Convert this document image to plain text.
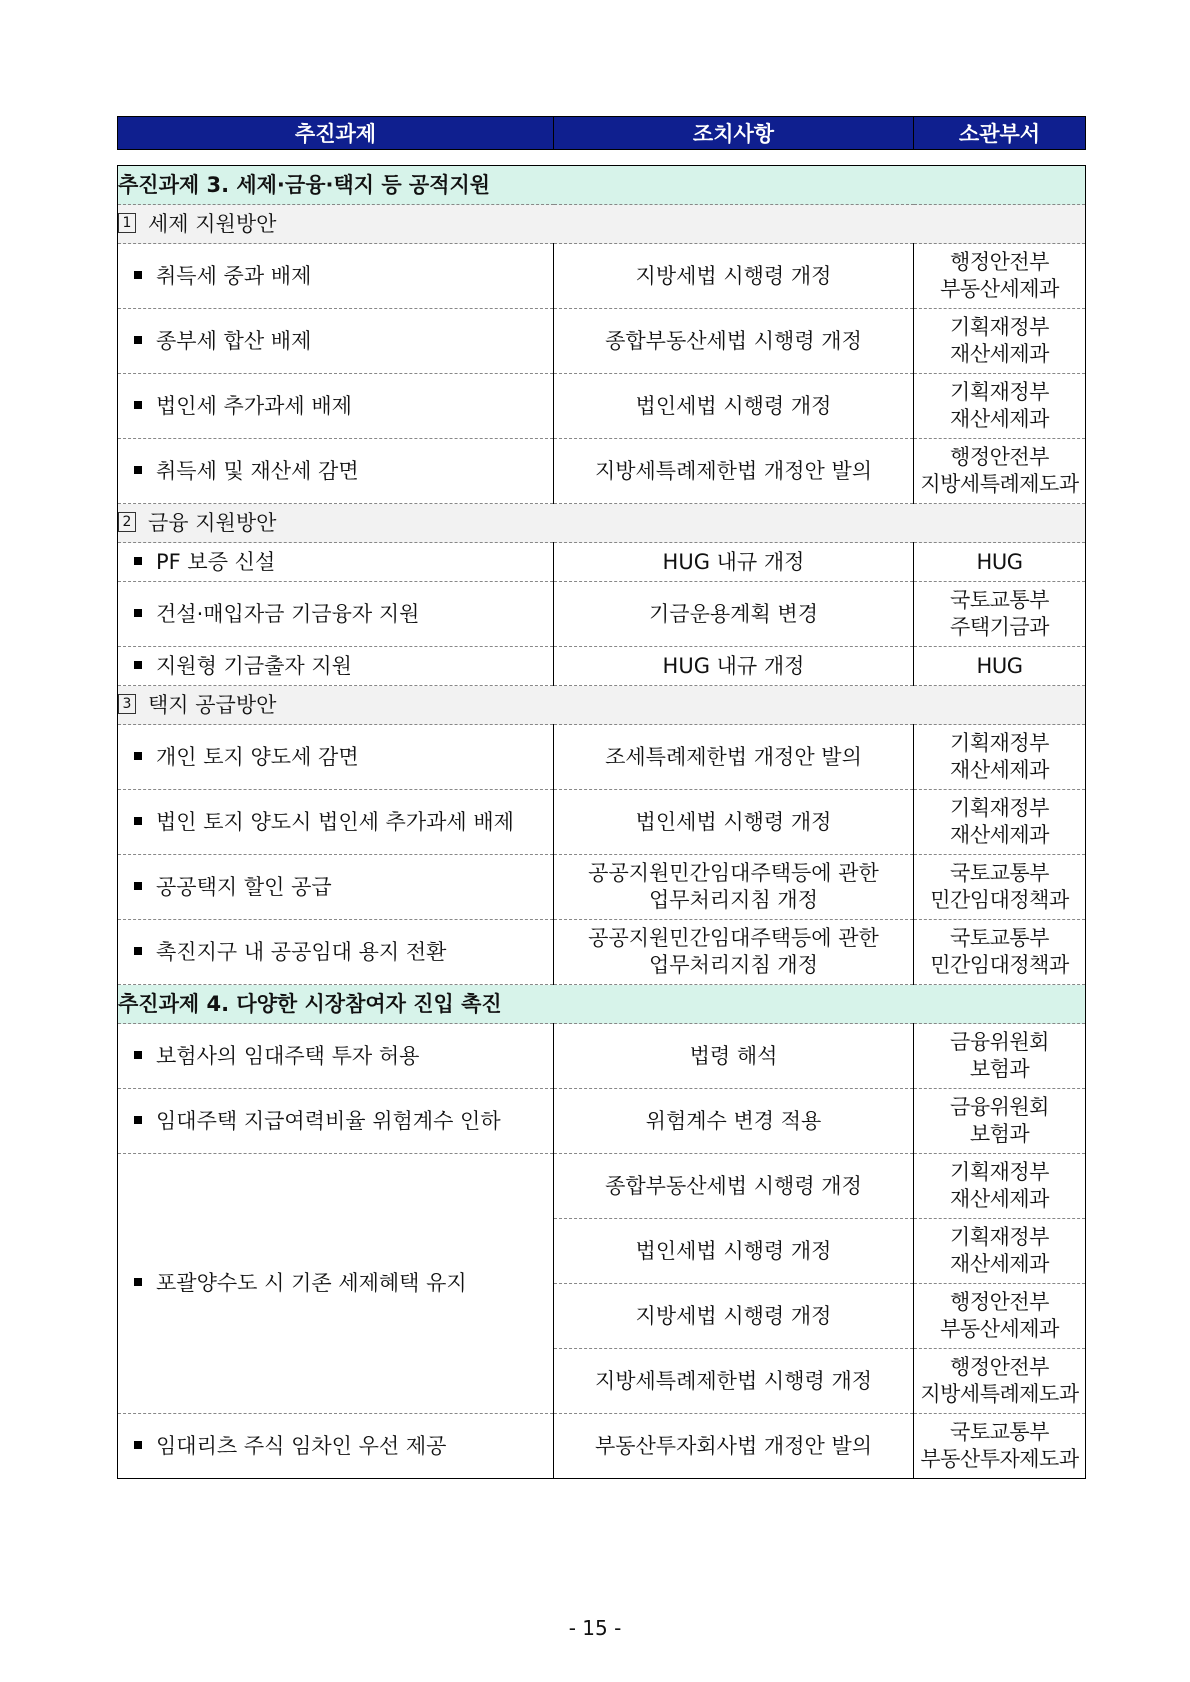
추진과제	조치사항	소관부서
추진과제 3. 세제·금융·택지 등 공적지원		
1 세제 지원방안		
취득세 중과 배제	지방세법 시행령 개정	행정안전부
부동산세제과

종부세 합산 배제	종합부동산세법 시행령 개정	기획재정부
재산세제과

법인세 추가과세 배제	법인세법 시행령 개정	기획재정부
재산세제과

취득세 및 재산세 감면	지방세특례제한법 개정안 발의	행정안전부
지방세특례제도과

2 금융 지원방안		
PF 보증 신설	HUG 내규 개정	HUG
건설·매입자금 기금융자 지원	기금운용계획 변경	국토교통부
주택기금과

지원형 기금출자 지원	HUG 내규 개정	HUG
3 택지 공급방안		
개인 토지 양도세 감면	조세특례제한법 개정안 발의	기획재정부
재산세제과

법인 토지 양도시 법인세 추가과세 배제	법인세법 시행령 개정	기획재정부
재산세제과

공공택지 할인 공급	공공지원민간임대주택등에 관한
업무처리지침 개정	국토교통부
민간임대정책과

촉진지구 내 공공임대 용지 전환	공공지원민간임대주택등에 관한
업무처리지침 개정	국토교통부
민간임대정책과

추진과제 4. 다양한 시장참여자 진입 촉진		
보험사의 임대주택 투자 허용	법령 해석	금융위원회
보험과

임대주택 지급여력비율 위험계수 인하	위험계수 변경 적용	금융위원회
보험과

포괄양수도 시 기존 세제혜택 유지	종합부동산세법 시행령 개정	기획재정부
재산세제과

	법인세법 시행령 개정	기획재정부
재산세제과

	지방세법 시행령 개정	행정안전부
부동산세제과

	지방세특례제한법 시행령 개정	행정안전부
지방세특례제도과

임대리츠 주식 임차인 우선 제공	부동산투자회사법 개정안 발의	국토교통부
부동산투자제도과
- 15 -
